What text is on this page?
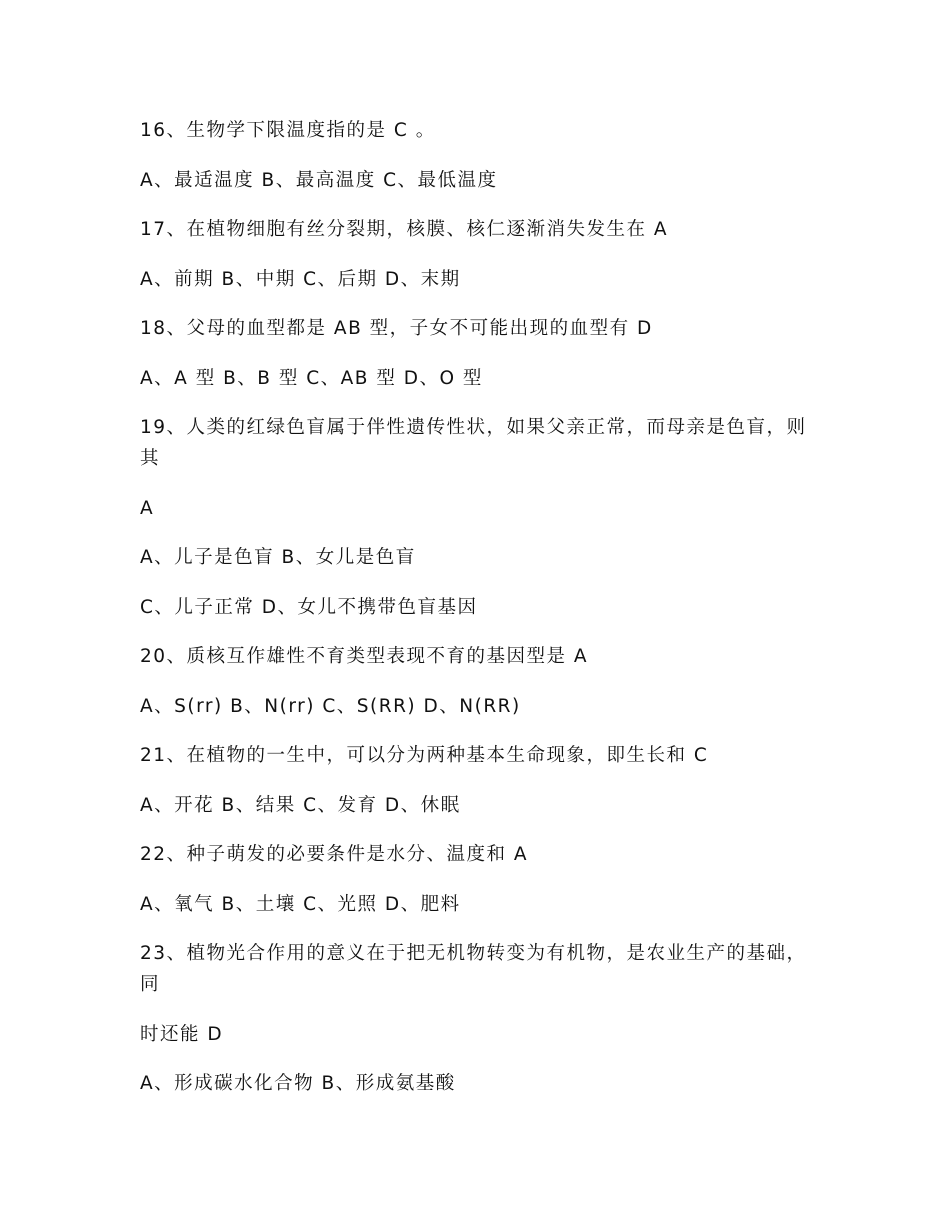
16、生物学下限温度指的是 C 。

A、最适温度 B、最高温度 C、最低温度

17、在植物细胞有丝分裂期，核膜、核仁逐渐消失发生在 A

A、前期 B、中期 C、后期 D、末期

18、父母的血型都是 AB 型，子女不可能出现的血型有 D

A、A 型 B、B 型 C、AB 型 D、O 型

19、人类的红绿色盲属于伴性遗传性状，如果父亲正常，而母亲是色盲，则其

A

A、儿子是色盲 B、女儿是色盲

C、儿子正常 D、女儿不携带色盲基因

20、质核互作雄性不育类型表现不育的基因型是 A

A、S(rr) B、N(rr) C、S(RR) D、N(RR)

21、在植物的一生中，可以分为两种基本生命现象，即生长和 C

A、开花 B、结果 C、发育 D、休眠

22、种子萌发的必要条件是水分、温度和 A

A、氧气 B、土壤 C、光照 D、肥料

23、植物光合作用的意义在于把无机物转变为有机物，是农业生产的基础，同

时还能 D

A、形成碳水化合物 B、形成氨基酸
